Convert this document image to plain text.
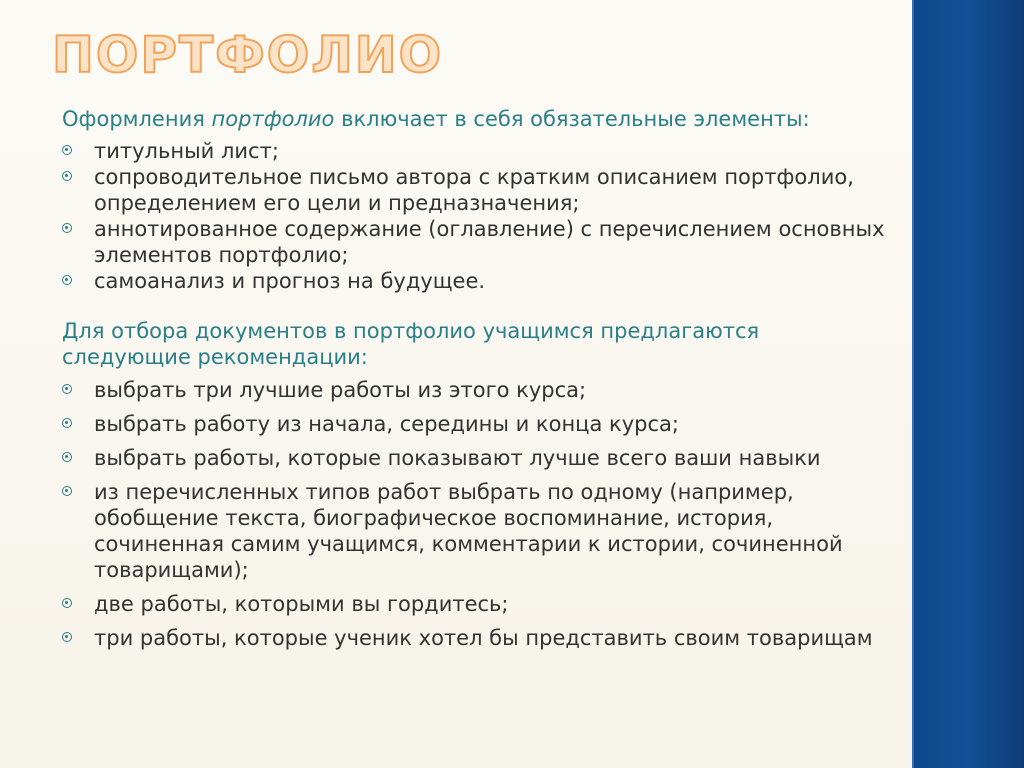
ПОРТФОЛИО

Оформления портфолио включает в себя обязательные элементы:

титульный лист;
сопроводительное письмо автора с кратким описанием портфолио, определением его цели и предназначения;
аннотированное содержание (оглавление) с перечислением основных элементов портфолио;
самоанализ и прогноз на будущее.

Для отбора документов в портфолио учащимся предлагаются следующие рекомендации:

выбрать три лучшие работы из этого курса;
выбрать работу из начала, середины и конца курса;
выбрать работы, которые показывают лучше всего ваши навыки
из перечисленных типов работ выбрать по одному (например, обобщение текста, биографическое воспоминание, история, сочиненная самим учащимся, комментарии к истории, сочиненной товарищами);
две работы, которыми вы гордитесь;
три работы, которые ученик хотел бы представить своим товарищам
